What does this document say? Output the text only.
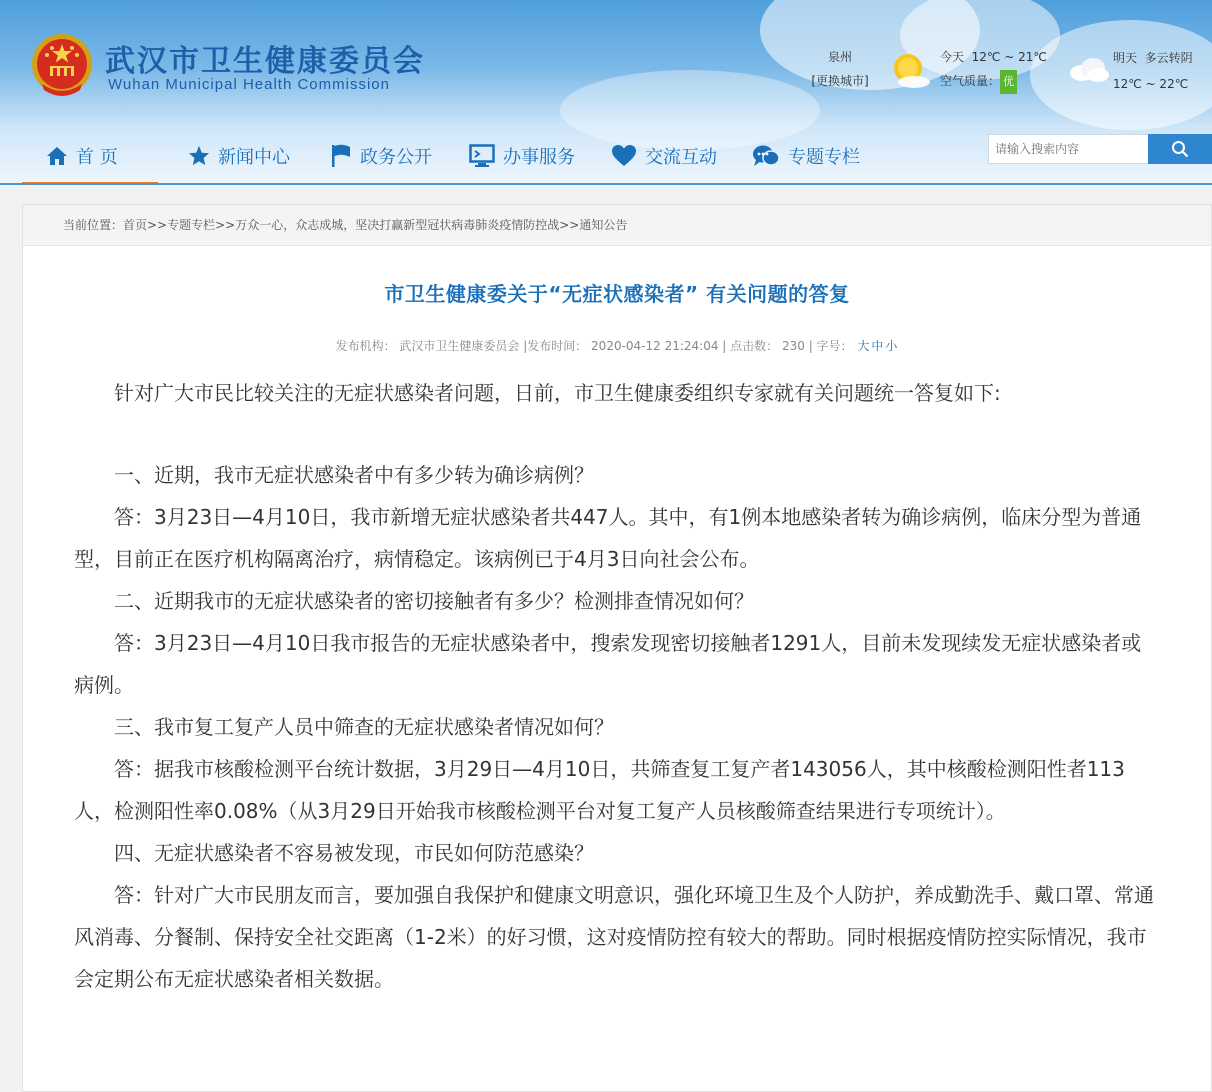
武汉市卫生健康委员会
Wuhan Municipal Health Commission
泉州
[更换城市]
今天 12℃ ~ 21℃
空气质量： 优
明天 多云转阴
12℃ ~ 22℃
首 页	新闻中心	政务公开	办事服务	交流互动	专题专栏
请输入搜索内容
当前位置：首页>>专题专栏>>万众一心，众志成城，坚决打赢新型冠状病毒肺炎疫情防控战>>通知公告
市卫生健康委关于“无症状感染者” 有关问题的答复
发布机构： 武汉市卫生健康委员会 |发布时间： 2020-04-12 21:24:04 | 点击数： 230 | 字号： 大 中 小

针对广大市民比较关注的无症状感染者问题，日前，市卫生健康委组织专家就有关问题统一答复如下:

一、近期，我市无症状感染者中有多少转为确诊病例？

答：3月23日—4月10日，我市新增无症状感染者共447人。其中，有1例本地感染者转为确诊病例，临床分型为普通型，目前正在医疗机构隔离治疗，病情稳定。该病例已于4月3日向社会公布。

二、近期我市的无症状感染者的密切接触者有多少？检测排查情况如何？

答：3月23日—4月10日我市报告的无症状感染者中，搜索发现密切接触者1291人，目前未发现续发无症状感染者或病例。

三、我市复工复产人员中筛查的无症状感染者情况如何？

答：据我市核酸检测平台统计数据，3月29日—4月10日，共筛查复工复产者143056人，其中核酸检测阳性者113人，检测阳性率0.08%（从3月29日开始我市核酸检测平台对复工复产人员核酸筛查结果进行专项统计）。

四、无症状感染者不容易被发现，市民如何防范感染？

答：针对广大市民朋友而言，要加强自我保护和健康文明意识，强化环境卫生及个人防护，养成勤洗手、戴口罩、常通风消毒、分餐制、保持安全社交距离（1-2米）的好习惯，这对疫情防控有较大的帮助。同时根据疫情防控实际情况，我市会定期公布无症状感染者相关数据。
